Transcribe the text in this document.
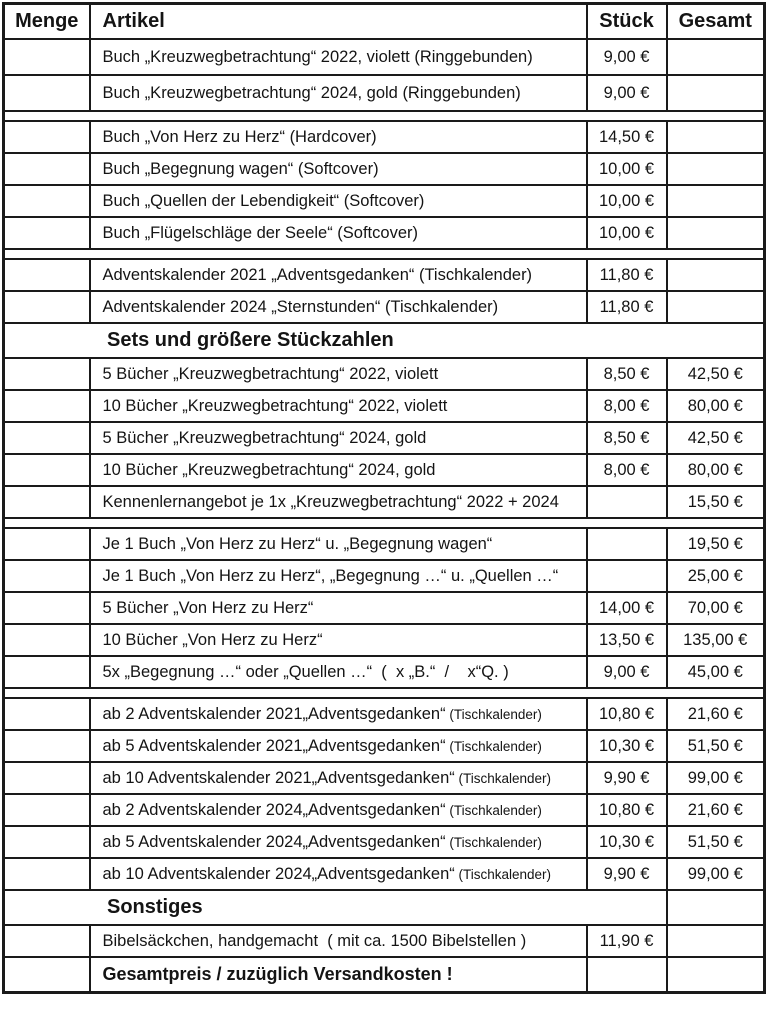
Menge	Artikel	Stück	Gesamt
	Buch „Kreuzwegbetrachtung“ 2022, violett (Ringgebunden)	9,00 €	
	Buch „Kreuzwegbetrachtung“ 2024, gold (Ringgebunden)	9,00 €	

	Buch „Von Herz zu Herz“ (Hardcover)	14,50 €	
	Buch „Begegnung wagen“ (Softcover)	10,00 €	
	Buch „Quellen der Lebendigkeit“ (Softcover)	10,00 €	
	Buch „Flügelschläge der Seele“ (Softcover)	10,00 €	

	Adventskalender 2021 „Adventsgedanken“ (Tischkalender)	11,80 €	
	Adventskalender 2024 „Sternstunden“ (Tischkalender)	11,80 €	
Sets und größere Stückzahlen			
	5 Bücher „Kreuzwegbetrachtung“ 2022, violett	8,50 €	42,50 €
	10 Bücher „Kreuzwegbetrachtung“ 2022, violett	8,00 €	80,00 €
	5 Bücher „Kreuzwegbetrachtung“ 2024, gold	8,50 €	42,50 €
	10 Bücher „Kreuzwegbetrachtung“ 2024, gold	8,00 €	80,00 €
	Kennenlernangebot je 1x „Kreuzwegbetrachtung“ 2022 + 2024		15,50 €

	Je 1 Buch „Von Herz zu Herz“ u. „Begegnung wagen“		19,50 €
	Je 1 Buch „Von Herz zu Herz“, „Begegnung …“ u. „Quellen …“		25,00 €
	5 Bücher „Von Herz zu Herz“	14,00 €	70,00 €
	10 Bücher „Von Herz zu Herz“	13,50 €	135,00 €
	5x „Begegnung …“ oder „Quellen …“  (  x „B.“  /    x“Q. )	9,00 €	45,00 €

	ab 2 Adventskalender 2021„Adventsgedanken“ (Tischkalender)	10,80 €	21,60 €
	ab 5 Adventskalender 2021„Adventsgedanken“ (Tischkalender)	10,30 €	51,50 €
	ab 10 Adventskalender 2021„Adventsgedanken“ (Tischkalender)	9,90 €	99,00 €
	ab 2 Adventskalender 2024„Adventsgedanken“ (Tischkalender)	10,80 €	21,60 €
	ab 5 Adventskalender 2024„Adventsgedanken“ (Tischkalender)	10,30 €	51,50 €
	ab 10 Adventskalender 2024„Adventsgedanken“ (Tischkalender)	9,90 €	99,00 €
Sonstiges			
	Bibelsäckchen, handgemacht  ( mit ca. 1500 Bibelstellen )	11,90 €	
	Gesamtpreis / zuzüglich Versandkosten !		
